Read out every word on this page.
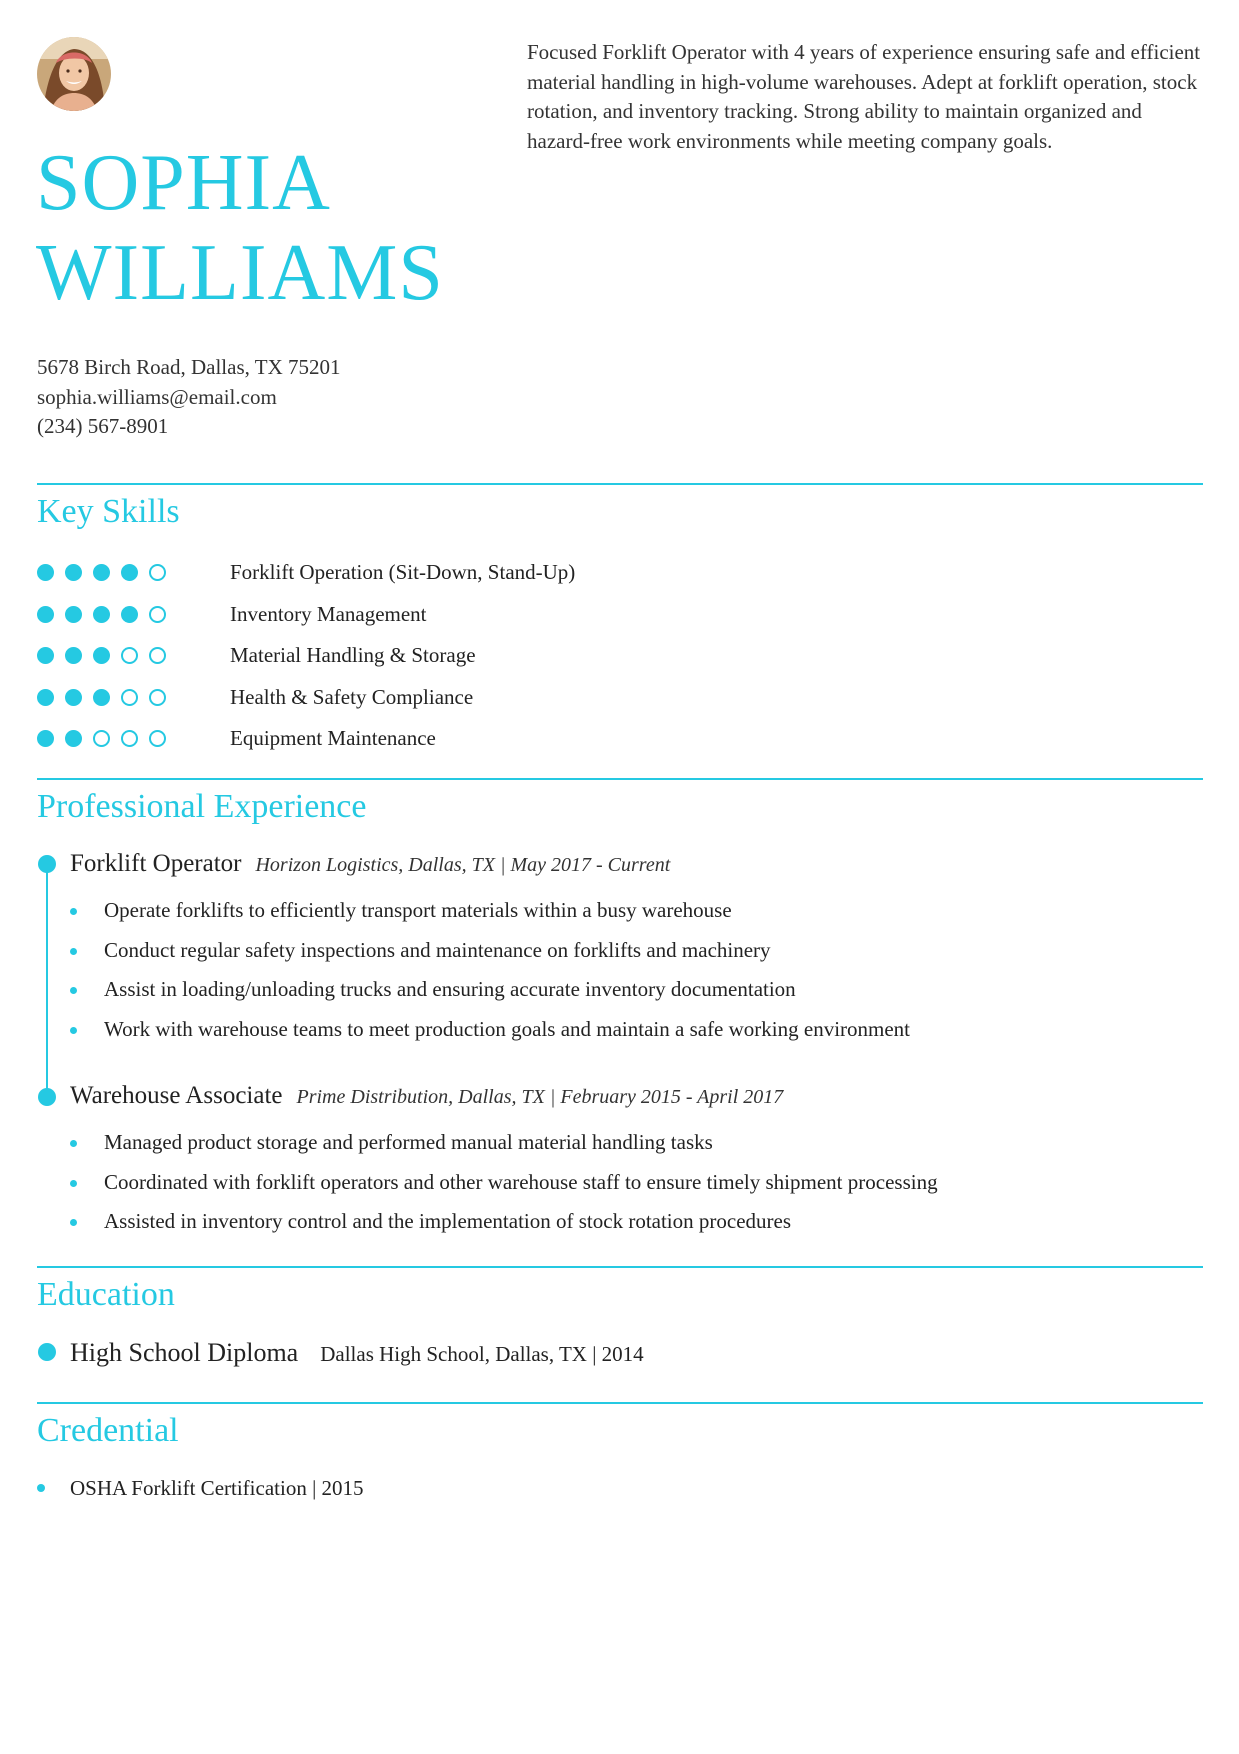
SOPHIA
WILLIAMS

Focused Forklift Operator with 4 years of experience ensuring safe and efficient material handling in high-volume warehouses. Adept at forklift operation, stock rotation, and inventory tracking. Strong ability to maintain organized and hazard-free work environments while meeting company goals.

5678 Birch Road, Dallas, TX 75201
sophia.williams@email.com
(234) 567-8901
Key Skills
Forklift Operation (Sit-Down, Stand-Up)
Inventory Management
Material Handling & Storage
Health & Safety Compliance
Equipment Maintenance
Professional Experience
Forklift Operator Horizon Logistics, Dallas, TX | May 2017 - Current
Operate forklifts to efficiently transport materials within a busy warehouse
Conduct regular safety inspections and maintenance on forklifts and machinery
Assist in loading/unloading trucks and ensuring accurate inventory documentation
Work with warehouse teams to meet production goals and maintain a safe working environment
Warehouse Associate Prime Distribution, Dallas, TX | February 2015 - April 2017
Managed product storage and performed manual material handling tasks
Coordinated with forklift operators and other warehouse staff to ensure timely shipment processing
Assisted in inventory control and the implementation of stock rotation procedures
Education
High School Diploma Dallas High School, Dallas, TX | 2014
Credential
OSHA Forklift Certification | 2015
